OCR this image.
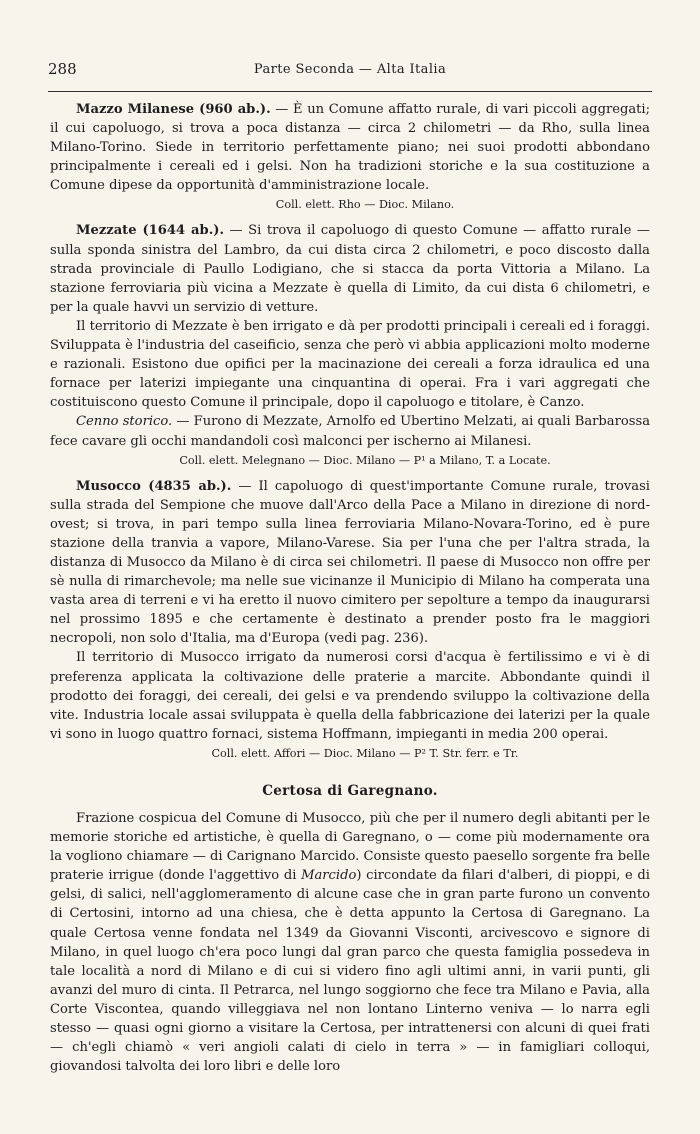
288	Parte Seconda — Alta Italia

Mazzo Milanese (960 ab.). — È un Comune affatto rurale, di vari piccoli aggregati; il cui capoluogo, si trova a poca distanza — circa 2 chilometri — da Rho, sulla linea Milano-Torino. Siede in territorio perfettamente piano; nei suoi prodotti abbondano principalmente i cereali ed i gelsi. Non ha tradizioni storiche e la sua costituzione a Comune dipese da opportunità d'amministrazione locale.

Coll. elett. Rho — Dioc. Milano.

Mezzate (1644 ab.). — Si trova il capoluogo di questo Comune — affatto rurale — sulla sponda sinistra del Lambro, da cui dista circa 2 chilometri, e poco discosto dalla strada provinciale di Paullo Lodigiano, che si stacca da porta Vittoria a Milano. La stazione ferroviaria più vicina a Mezzate è quella di Limito, da cui dista 6 chilometri, e per la quale havvi un servizio di vetture.

Il territorio di Mezzate è ben irrigato e dà per prodotti principali i cereali ed i foraggi. Sviluppata è l'industria del caseificio, senza che però vi abbia applicazioni molto moderne e razionali. Esistono due opifici per la macinazione dei cereali a forza idraulica ed una fornace per laterizi impiegante una cinquantina di operai. Fra i vari aggregati che costituiscono questo Comune il principale, dopo il capoluogo e titolare, è Canzo.

Cenno storico. — Furono di Mezzate, Arnolfo ed Ubertino Melzati, ai quali Barbarossa fece cavare gli occhi mandandoli così malconci per ischerno ai Milanesi.

Coll. elett. Melegnano — Dioc. Milano — P¹ a Milano, T. a Locate.

Musocco (4835 ab.). — Il capoluogo di quest'importante Comune rurale, trovasi sulla strada del Sempione che muove dall'Arco della Pace a Milano in direzione di nord-ovest; si trova, in pari tempo sulla linea ferroviaria Milano-Novara-Torino, ed è pure stazione della tranvia a vapore, Milano-Varese. Sia per l'una che per l'altra strada, la distanza di Musocco da Milano è di circa sei chilometri. Il paese di Musocco non offre per sè nulla di rimarchevole; ma nelle sue vicinanze il Municipio di Milano ha comperata una vasta area di terreni e vi ha eretto il nuovo cimitero per sepolture a tempo da inaugurarsi nel prossimo 1895 e che certamente è destinato a prender posto fra le maggiori necropoli, non solo d'Italia, ma d'Europa (vedi pag. 236).

Il territorio di Musocco irrigato da numerosi corsi d'acqua è fertilissimo e vi è di preferenza applicata la coltivazione delle praterie a marcite. Abbondante quindi il prodotto dei foraggi, dei cereali, dei gelsi e va prendendo sviluppo la coltivazione della vite. Industria locale assai sviluppata è quella della fabbricazione dei laterizi per la quale vi sono in luogo quattro fornaci, sistema Hoffmann, impieganti in media 200 operai.

Coll. elett. Affori — Dioc. Milano — P² T. Str. ferr. e Tr.
Certosa di Garegnano.

Frazione cospicua del Comune di Musocco, più che per il numero degli abitanti per le memorie storiche ed artistiche, è quella di Garegnano, o — come più modernamente ora la vogliono chiamare — di Carignano Marcido. Consiste questo paesello sorgente fra belle praterie irrigue (donde l'aggettivo di Marcido) circondate da filari d'alberi, di pioppi, e di gelsi, di salici, nell'agglomeramento di alcune case che in gran parte furono un convento di Certosini, intorno ad una chiesa, che è detta appunto la Certosa di Garegnano. La quale Certosa venne fondata nel 1349 da Giovanni Visconti, arcivescovo e signore di Milano, in quel luogo ch'era poco lungi dal gran parco che questa famiglia possedeva in tale località a nord di Milano e di cui si videro fino agli ultimi anni, in varii punti, gli avanzi del muro di cinta. Il Petrarca, nel lungo soggiorno che fece tra Milano e Pavia, alla Corte Viscontea, quando villeggiava nel non lontano Linterno veniva — lo narra egli stesso — quasi ogni giorno a visitare la Certosa, per intrattenersi con alcuni di quei frati — ch'egli chiamò « veri angioli calati di cielo in terra » — in famigliari colloqui, giovandosi talvolta dei loro libri e delle loro
